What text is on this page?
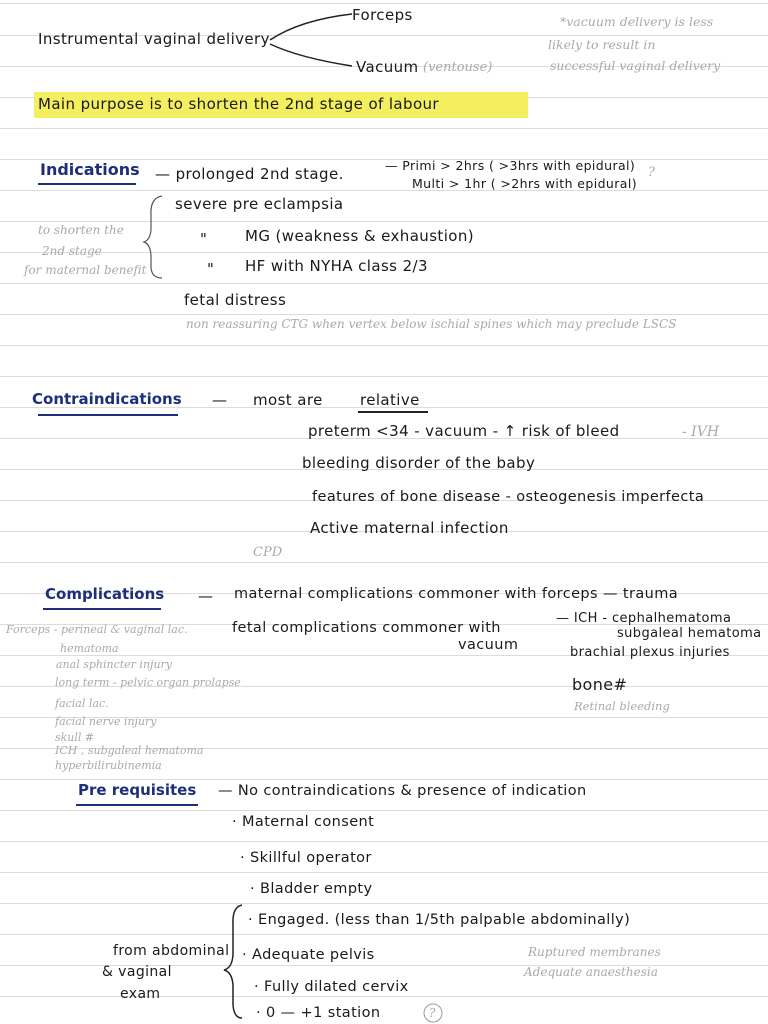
Instrumental vaginal delivery
Forceps
Vacuum (ventouse)
*vacuum delivery is less
likely to result in
successful vaginal delivery
Main purpose is to shorten the 2nd stage of labour
Indications — prolonged 2nd stage.	— Primi > 2hrs ( >3hrs with epidural)
Multi > 1hr ( >2hrs with epidural)
?
to shorten the
2nd stage
for maternal benefit
severe pre eclampsia
"	MG (weakness & exhaustion)
" HF with NYHA class 2/3
fetal distress
non reassuring CTG when vertex below ischial spines which may preclude LSCS
Contraindications — most are relative
preterm <34 - vacuum - ↑ risk of bleed	- IVH
bleeding disorder of the baby
features of bone disease - osteogenesis imperfecta
Active maternal infection
CPD
Complications — maternal complications commoner with forceps — trauma
fetal complications commoner with
vacuum
— ICH - cephalhematoma
subgaleal hematoma
brachial plexus injuries
bone#
Retinal bleeding
Forceps - perineal & vaginal lac.
hematoma
anal sphincter injury
long term - pelvic organ prolapse
facial lac.
facial nerve injury
skull #
ICH , subgaleal hematoma
hyperbilirubinemia
Pre requisites — No contraindications & presence of indication
· Maternal consent
· Skillful operator
· Bladder empty
· Engaged. (less than 1/5th palpable abdominally)
· Adequate pelvis
· Fully dilated cervix
· 0 — +1 station	?
from abdominal
& vaginal
exam
Ruptured membranes
Adequate anaesthesia
